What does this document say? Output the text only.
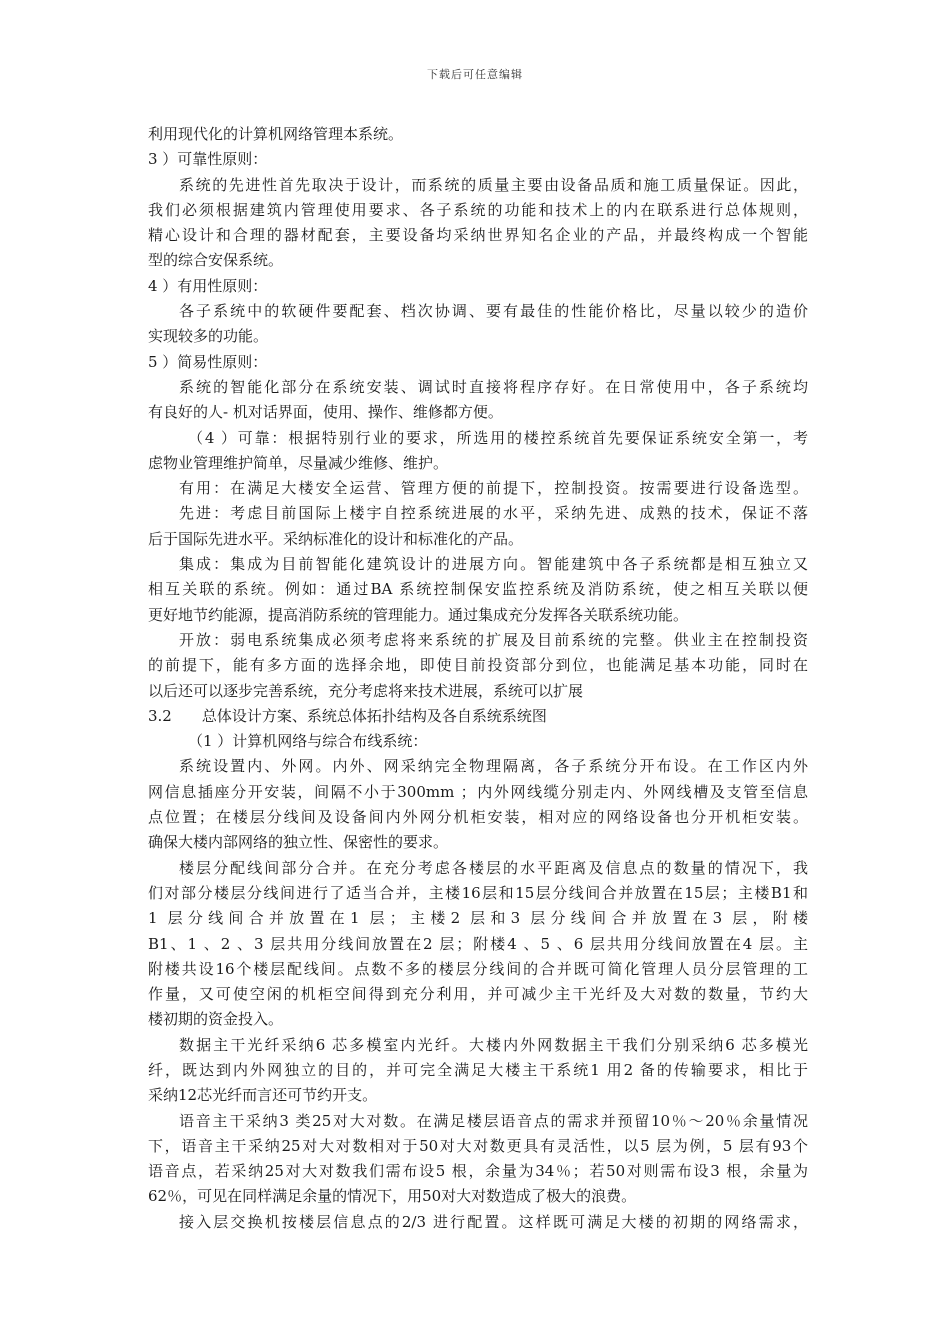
下载后可任意编辑
利用现代化的计算机网络管理本系统。
3 ）可靠性原则：
系统的先进性首先取决于设计，而系统的质量主要由设备品质和施工质量保证。因此，
我们必须根据建筑内管理使用要求、各子系统的功能和技术上的内在联系进行总体规则，
精心设计和合理的器材配套，主要设备均采纳世界知名企业的产品，并最终构成一个智能
型的综合安保系统。
4 ）有用性原则：
各子系统中的软硬件要配套、档次协调、要有最佳的性能价格比，尽量以较少的造价
实现较多的功能。
5 ）简易性原则：
系统的智能化部分在系统安装、调试时直接将程序存好。在日常使用中，各子系统均
有良好的人- 机对话界面，使用、操作、维修都方便。
（4 ）可靠：根据特别行业的要求，所选用的楼控系统首先要保证系统安全第一，考
虑物业管理维护简单，尽量减少维修、维护。
有用：在满足大楼安全运营、管理方便的前提下，控制投资。按需要进行设备选型。
先进：考虑目前国际上楼宇自控系统进展的水平，采纳先进、成熟的技术，保证不落
后于国际先进水平。采纳标准化的设计和标准化的产品。
集成：集成为目前智能化建筑设计的进展方向。智能建筑中各子系统都是相互独立又
相互关联的系统。例如：通过BA 系统控制保安监控系统及消防系统，使之相互关联以便
更好地节约能源，提高消防系统的管理能力。通过集成充分发挥各关联系统功能。
开放：弱电系统集成必须考虑将来系统的扩展及目前系统的完整。供业主在控制投资
的前提下，能有多方面的选择余地，即使目前投资部分到位，也能满足基本功能，同时在
以后还可以逐步完善系统，充分考虑将来技术进展，系统可以扩展
3.2　　总体设计方案、系统总体拓扑结构及各自系统系统图
（1 ）计算机网络与综合布线系统：
系统设置内、外网。内外、网采纳完全物理隔离，各子系统分开布设。在工作区内外
网信息插座分开安装，间隔不小于300mm ；内外网线缆分别走内、外网线槽及支管至信息
点位置；在楼层分线间及设备间内外网分机柜安装，相对应的网络设备也分开机柜安装。
确保大楼内部网络的独立性、保密性的要求。
楼层分配线间部分合并。在充分考虑各楼层的水平距离及信息点的数量的情况下，我
们对部分楼层分线间进行了适当合并，主楼16层和15层分线间合并放置在15层；主楼B1和
1 层分线间合并放置在1 层；主楼2 层和3 层分线间合并放置在3 层，附楼
B1、1 、2 、3 层共用分线间放置在2 层；附楼4 、5 、6 层共用分线间放置在4 层。主
附楼共设16个楼层配线间。点数不多的楼层分线间的合并既可简化管理人员分层管理的工
作量，又可使空闲的机柜空间得到充分利用，并可减少主干光纤及大对数的数量，节约大
楼初期的资金投入。
数据主干光纤采纳6 芯多模室内光纤。大楼内外网数据主干我们分别采纳6 芯多模光
纤，既达到内外网独立的目的，并可完全满足大楼主干系统1 用2 备的传输要求，相比于
采纳12芯光纤而言还可节约开支。
语音主干采纳3 类25对大对数。在满足楼层语音点的需求并预留10％～20％余量情况
下，语音主干采纳25对大对数相对于50对大对数更具有灵活性，以5 层为例，5 层有93个
语音点，若采纳25对大对数我们需布设5 根，余量为34％；若50对则需布设3 根，余量为
62％，可见在同样满足余量的情况下，用50对大对数造成了极大的浪费。
接入层交换机按楼层信息点的2/3 进行配置。这样既可满足大楼的初期的网络需求，
